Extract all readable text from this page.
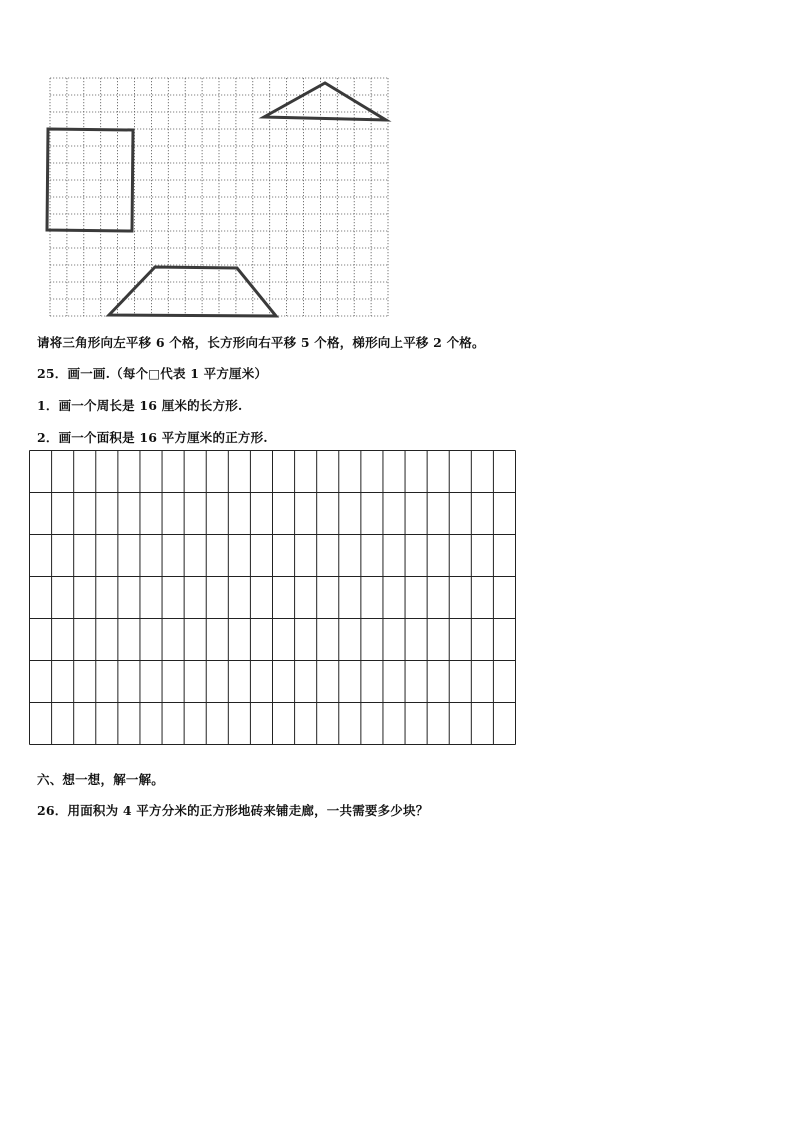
请将三角形向左平移 6 个格，长方形向右平移 5 个格，梯形向上平移 2 个格。
25．画一画.（每个□代表 1 平方厘米）
1．画一个周长是 16 厘米的长方形.
2．画一个面积是 16 平方厘米的正方形.
六、想一想，解一解。
26．用面积为 4 平方分米的正方形地砖来铺走廊，一共需要多少块？
